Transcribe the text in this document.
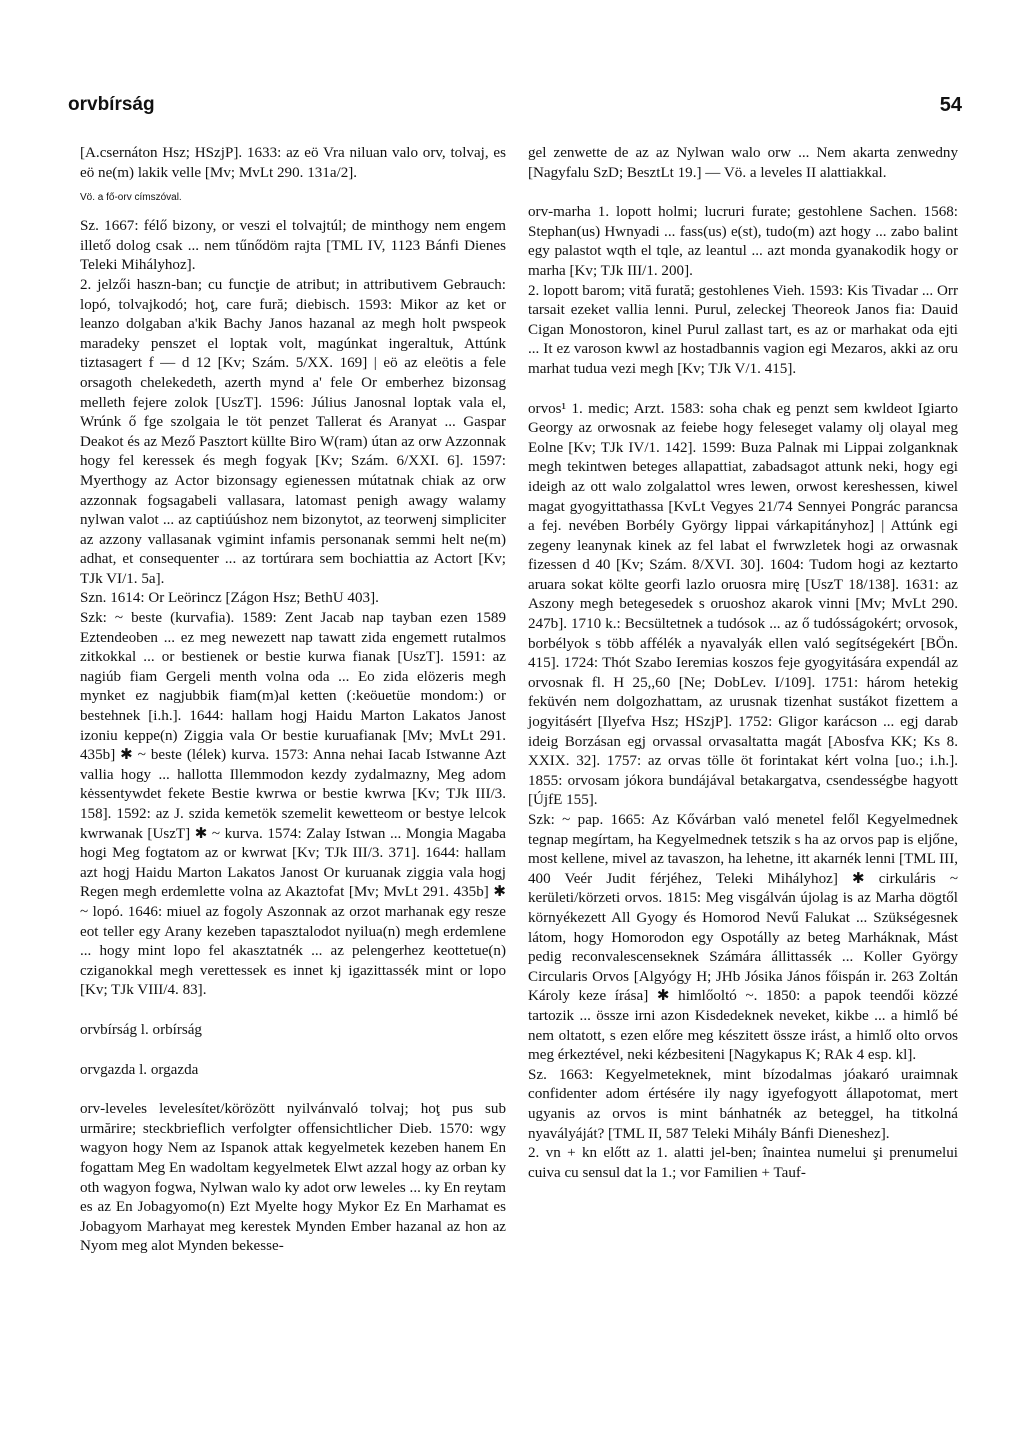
orvbírság	54

[A.csernáton Hsz; HSzjP]. 1633: az eö Vra niluan valo orv, tolvaj, es eö ne(m) lakik velle [Mv; MvLt 290. 131a/2].

Vö. a fő-orv címszóval.

Sz. 1667: félő bizony, or veszi el tolvajtúl; de minthogy nem engem illető dolog csak ... nem tűnődöm rajta [TML IV, 1123 Bánfi Dienes Teleki Mihályhoz].

2. jelzői haszn-ban; cu funcţie de atribut; in attributivem Gebrauch: lopó, tolvajkodó; hoţ, care fură; diebisch. 1593: Mikor az ket or leanzo dolgaban a'kik Bachy Janos hazanal az megh holt pwspeok maradeky penszet el loptak volt, magúnkat ingeraltuk, Attúnk tiztasagert f — d 12 [Kv; Szám. 5/XX. 169] | eö az eleötis a fele orsagoth chelekedeth, azerth mynd a' fele Or emberhez bizonsag melleth fejere zolok [UszT]. 1596: Július Janosnal loptak vala el, Wrúnk ő fge szolgaia le töt penzet Tallerat és Aranyat ... Gaspar Deakot és az Mező Pasztort küllte Biro W(ram) útan az orw Azzonnak hogy fel keressek és megh fogyak [Kv; Szám. 6/XXI. 6]. 1597: Myerthogy az Actor bizonsagy egienessen mútatnak chiak az orw azzonnak fogsagabeli vallasara, latomast penigh awagy walamy nylwan valot ... az captiúúshoz nem bizonytot, az teorwenj simpliciter az azzony vallasanak vgimint infamis personanak semmi helt ne(m) adhat, et consequenter ... az tortúrara sem bochiattia az Actort [Kv; TJk VI/1. 5a].

Szn. 1614: Or Leörincz [Zágon Hsz; BethU 403].

Szk: ~ beste (kurvafia). 1589: Zent Jacab nap tayban ezen 1589 Eztendeoben ... ez meg newezett nap tawatt zida engemett rutalmos zitkokkal ... or bestienek or bestie kurwa fianak [UszT]. 1591: az nagiúb fiam Gergeli menth volna oda ... Eo zida elözeris megh mynket ez nagjubbik fiam(m)al ketten (:keöuetüe mondom:) or bestehnek [i.h.]. 1644: hallam hogj Haidu Marton Lakatos Janost izoniu keppe(n) Ziggia vala Or bestie kuruafianak [Mv; MvLt 291. 435b] ✱ ~ beste (lélek) kurva. 1573: Anna nehai Iacab Istwanne Azt vallia hogy ... hallotta Illemmodon kezdy zydalmazny, Meg adom kėssentywdet fekete Bestie kwrwa or bestie kwrwa [Kv; TJk III/3. 158]. 1592: az J. szida kemetök szemelit kewetteom or bestye lelcok kwrwanak [UszT] ✱ ~ kurva. 1574: Zalay Istwan ... Mongia Magaba hogi Meg fogtatom az or kwrwat [Kv; TJk III/3. 371]. 1644: hallam azt hogj Haidu Marton Lakatos Janost Or kuruanak ziggia vala hogj Regen megh erdemlette volna az Akaztofat [Mv; MvLt 291. 435b] ✱ ~ lopó. 1646: miuel az fogoly Aszonnak az orzot marhanak egy resze eot teller egy Arany kezeben tapasztalodot nyilua(n) megh erdemlene ... hogy mint lopo fel akasztatnék ... az pelengerhez keottetue(n) cziganokkal megh verettessek es innet kj igazittassék mint or lopo [Kv; TJk VIII/4. 83].

orvbírság l. orbírság

orvgazda l. orgazda

orv-leveles levelesítet/körözött nyilvánvaló tolvaj; hoţ pus sub urmărire; steckbrieflich verfolgter offensichtlicher Dieb. 1570: wgy wagyon hogy Nem az Ispanok attak kegyelmetek kezeben hanem En fogattam Meg En wadoltam kegyelmetek Elwt azzal hogy az orban ky oth wagyon fogwa, Nylwan walo ky adot orw leweles ... ky En reytam es az En Jobagyomo(n) Ezt Myelte hogy Mykor Ez En Marhamat es Jobagyom Marhayat meg kerestek Mynden Ember hazanal az hon az Nyom meg alot Mynden bekesse-

gel zenwette de az az Nylwan walo orw ... Nem akarta zenwedny [Nagyfalu SzD; BesztLt 19.] — Vö. a leveles II alattiakkal.

orv-marha 1. lopott holmi; lucruri furate; gestohlene Sachen. 1568: Stephan(us) Hwnyadi ... fass(us) e(st), tudo(m) azt hogy ... zabo balint egy palastot wqth el tqle, az leantul ... azt monda gyanakodik hogy or marha [Kv; TJk III/1. 200].

2. lopott barom; vită furată; gestohlenes Vieh. 1593: Kis Tivadar ... Orr tarsait ezeket vallia lenni. Purul, zeleckej Theoreok Janos fia: Dauid Cigan Monostoron, kinel Purul zallast tart, es az or marhakat oda ejti ... It ez varoson kwwl az hostadbannis vagion egi Mezaros, akki az oru marhat tudua vezi megh [Kv; TJk V/1. 415].

orvos¹ 1. medic; Arzt. 1583: soha chak eg penzt sem kwldeot Igiarto Georgy az orwosnak az feiebe hogy feleseget valamy olj olayal meg Eolne [Kv; TJk IV/1. 142]. 1599: Buza Palnak mi Lippai zolganknak megh tekintwen beteges allapattiat, zabadsagot attunk neki, hogy egi ideigh az ott walo zolgalattol wres lewen, orwost kereshessen, kiwel magat gyogyittathassa [KvLt Vegyes 21/74 Sennyei Pongrác parancsa a fej. nevében Borbély György lippai várkapitányhoz] | Attúnk egi zegeny leanynak kinek az fel labat el fwrwzletek hogi az orwasnak fizessen d 40 [Kv; Szám. 8/XVI. 30]. 1604: Tudom hogi az keztarto aruara sokat költe georfi lazlo oruosra mirę [UszT 18/138]. 1631: az Aszony megh betegesedek s oruoshoz akarok vinni [Mv; MvLt 290. 247b]. 1710 k.: Becsültetnek a tudósok ... az ő tudósságokért; orvosok, borbélyok s több affélék a nyavalyák ellen való segítségekért [BÖn. 415]. 1724: Thót Szabo Ieremias koszos feje gyogyitására expendál az orvosnak fl. H 25,,60 [Ne; DobLev. I/109]. 1751: három hetekig feküvén nem dolgozhattam, az urusnak tizenhat sustákot fizettem a jogyitásért [Ilyefva Hsz; HSzjP]. 1752: Gligor karácson ... egj darab ideig Borzásan egj orvassal orvasaltatta magát [Abosfva KK; Ks 8. XXIX. 32]. 1757: az orvas tölle öt forintakat kért volna [uo.; i.h.]. 1855: orvosam jókora bundájával betakargatva, csendességbe hagyott [ÚjfE 155].

Szk: ~ pap. 1665: Az Kővárban való menetel felől Kegyelmednek tegnap megírtam, ha Kegyelmednek tetszik s ha az orvos pap is eljőne, most kellene, mivel az tavaszon, ha lehetne, itt akarnék lenni [TML III, 400 Veér Judit férjéhez, Teleki Mihályhoz] ✱ cirkuláris ~ kerületi/körzeti orvos. 1815: Meg visgálván újolag is az Marha dögtől környékezett All Gyogy és Homorod Nevű Falukat ... Szükségesnek látom, hogy Homorodon egy Ospotálly az beteg Marháknak, Mást pedig reconvalescenseknek Számára állittassék ... Koller György Circularis Orvos [Algyógy H; JHb Jósika János főispán ir. 263 Zoltán Károly keze írása] ✱ himlőoltó ~. 1850: a papok teendői közzé tartozik ... össze irni azon Kisdedeknek neveket, kikbe ... a himlő bé nem oltatott, s ezen előre meg készitett össze irást, a himlő olto orvos meg érkeztével, neki kézbesiteni [Nagykapus K; RAk 4 esp. kl].

Sz. 1663: Kegyelmeteknek, mint bízodalmas jóakaró uraimnak confidenter adom értésére ily nagy igyefogyott állapotomat, mert ugyanis az orvos is mint bánhatnék az beteggel, ha titkolná nyavályáját? [TML II, 587 Teleki Mihály Bánfi Dieneshez].

2. vn + kn előtt az 1. alatti jel-ben; înaintea numelui şi prenumelui cuiva cu sensul dat la 1.; vor Familien + Tauf-
